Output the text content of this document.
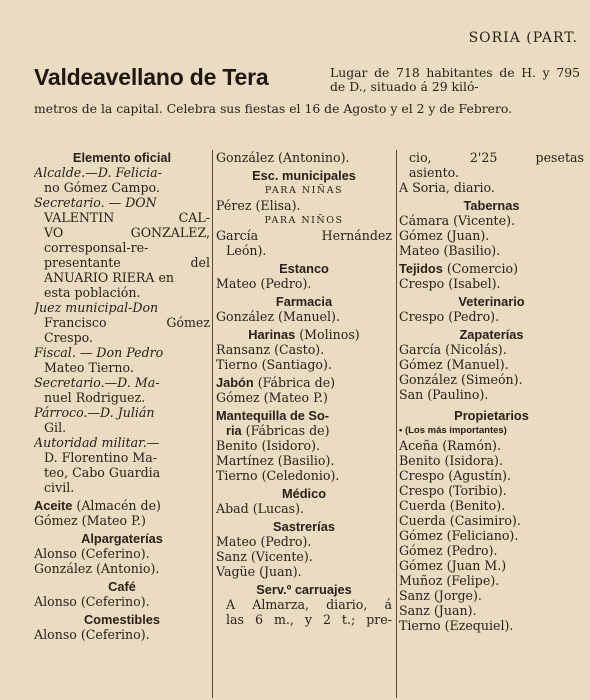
SORIA (PART.
Valdeavellano de Tera	Lugar de 718 habitantes de H. y 795 de D., situado á 29 kiló-
metros de la capital. Celebra sus fiestas el 16 de Agosto y el 2 y de Febrero.
Elemento oficial
Alcalde.—D. Feliciа-
no Gómez Campo.
Secretario. — DON
VALENTIN CAL-
VO GONZALEZ,
corresponsal-re-
presentante del
ANUARIO RIERA en
esta población.
Juez municipal-Don
Francisco Gómez
Crespo.
Fiscal. — Don Pedro
Mateo Tierno.
Secretario.—D. Ma-
nuel Rodriguez.
Párroco.—D. Julián
Gil.
Autoridad militar.—
D. Florentino Ma-
teo, Cabo Guardia
civil.
Aceite (Almacén de)
Gómez (Mateo P.)
Alpargaterías
Alonso (Ceferino).
González (Antonio).
Café
Alonso (Ceferino).
Comestibles
Alonso (Ceferino).
González (Antonino).
Esc. municipales
PARA NIÑAS
Pérez (Elisa).
PARA NIÑOS
García Hernández
León).
Estanco
Mateo (Pedro).
Farmacia
González (Manuel).
Harinas (Molinos)
Ransanz (Casto).
Tierno (Santiago).
Jabón (Fábrica de)
Gómez (Mateo P.)
Mantequilla de So-
ria (Fábricas de)
Benito (Isidoro).
Martínez (Basilio).
Tierno (Celedonio).
Médico
Abad (Lucas).
Sastrerías
Mateo (Pedro).
Sanz (Vicente).
Vagüe (Juan).
Serv.º carruajes
A Almarza, diario, á
las 6 m., y 2 t.; pre-
cio, 2'25 pesetas
asiento.
A Soria, diario.
Tabernas
Cámara (Vicente).
Gómez (Juan).
Mateo (Basilio).
Tejidos (Comercio)
Crespo (Isabel).
Veterinario
Crespo (Pedro).
Zapaterías
García (Nicolás).
Gómez (Manuel).
González (Simeón).
San (Paulino).
Propietarios
• (Los más importantes)
Aceña (Ramón).
Benito (Isidora).
Crespo (Agustín).
Crespo (Toribio).
Cuerda (Benito).
Cuerda (Casimiro).
Gómez (Feliciano).
Gómez (Pedro).
Gómez (Juan M.)
Muñoz (Felipe).
Sanz (Jorge).
Sanz (Juan).
Tierno (Ezequiel).
